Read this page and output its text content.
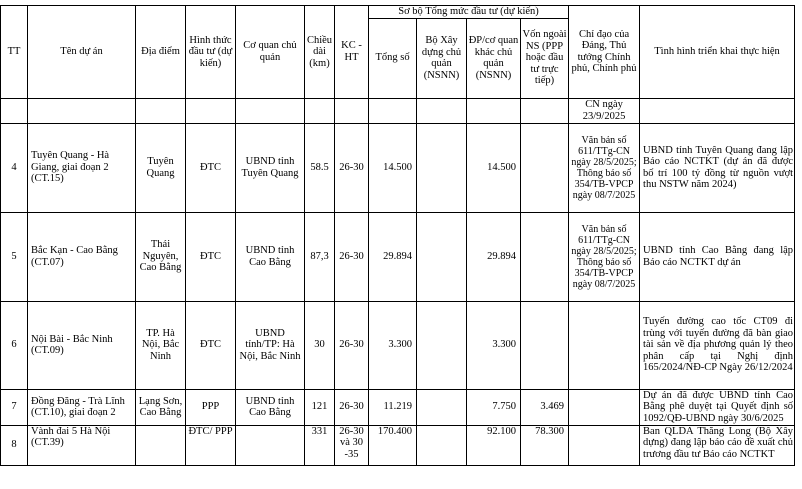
TT	Tên dự án	Địa điểm	Hình thức đầu tư (dự kiến)	Cơ quan chủ quản	Chiều dài (km)	KC - HT	Sơ bộ Tổng mức đầu tư (dự kiến)				Chỉ đạo của Đảng, Thủ tướng Chính phủ, Chính phủ	Tình hình triển khai thực hiện
							Tổng số	Bộ Xây dựng chủ quản (NSNN)	ĐP/cơ quan khác chủ quản (NSNN)	Vốn ngoài NS (PPP hoặc đầu tư trực tiếp)		
											CN ngày 23/9/2025	
4	Tuyên Quang - Hà Giang, giai đoạn 2 (CT.15)	Tuyên Quang	ĐTC	UBND tỉnh Tuyên Quang	58.5	26-30	14.500		14.500		Văn bản số 611/TTg-CN ngày 28/5/2025; Thông báo số 354/TB-VPCP ngày 08/7/2025	UBND tỉnh Tuyên Quang đang lập Báo cáo NCTKT (dự án đã được bố trí 100 tỷ đồng từ nguồn vượt thu NSTW năm 2024)
5	Bắc Kạn - Cao Bằng (CT.07)	Thái Nguyên, Cao Bằng	ĐTC	UBND tỉnh Cao Bằng	87,3	26-30	29.894		29.894		Văn bản số 611/TTg-CN ngày 28/5/2025; Thông báo số 354/TB-VPCP ngày 08/7/2025	UBND tỉnh Cao Bằng đang lập Báo cáo NCTKT dự án
6	Nội Bài - Bắc Ninh (CT.09)	TP. Hà Nội, Bắc Ninh	ĐTC	UBND tỉnh/TP: Hà Nội, Bắc Ninh	30	26-30	3.300		3.300			Tuyến đường cao tốc CT09 đi trùng với tuyến đường đã bàn giao tài sản về địa phương quản lý theo phân cấp tại Nghị định 165/2024/NĐ-CP Ngày 26/12/2024
7	Đồng Đăng - Trà Lĩnh (CT.10), giai đoạn 2	Lạng Sơn, Cao Bằng	PPP	UBND tỉnh Cao Bằng	121	26-30	11.219		7.750	3.469		Dự án đã được UBND tỉnh Cao Bằng phê duyệt tại Quyết định số 1092/QĐ-UBND ngày 30/6/2025
8	Vành đai 5 Hà Nội (CT.39)		ĐTC/ PPP		331	26-30 và 30 -35	170.400		92.100	78.300		Ban QLDA Thăng Long (Bộ Xây dựng) đang lập báo cáo đề xuất chủ trương đầu tư Báo cáo NCTKT
